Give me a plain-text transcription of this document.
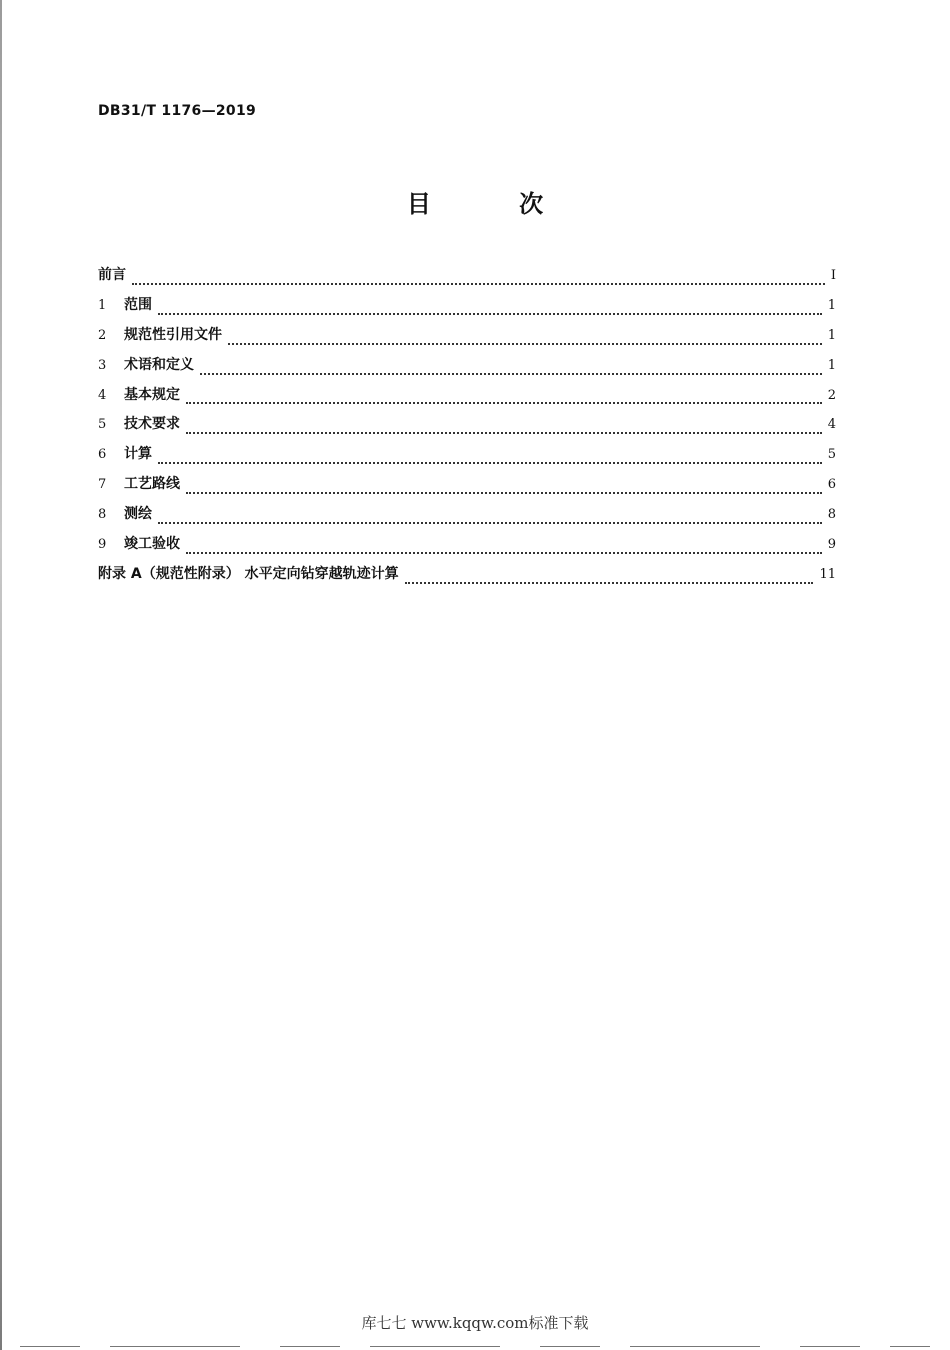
DB31/T 1176—2019
目 次
前言	I
1	范围	1
2	规范性引用文件	1
3	术语和定义	1
4	基本规定	2
5	技术要求	4
6	计算	5
7	工艺路线	6
8	测绘	8
9	竣工验收	9
附录 A（规范性附录） 水平定向钻穿越轨迹计算	11
库七七 www.kqqw.com标准下载
